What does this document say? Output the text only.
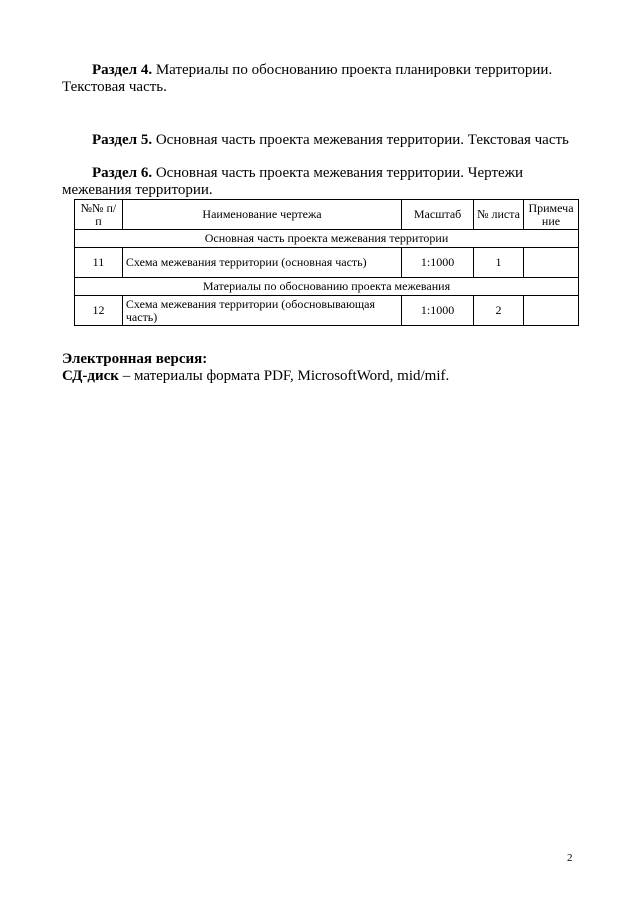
Раздел 4. Материалы по обоснованию проекта планировки территории. Текстовая часть.

Раздел 5. Основная часть проекта межевания территории. Текстовая часть

Раздел 6. Основная часть проекта межевания территории. Чертежи межевания территории.

№№ п/п	Наименование чертежа	Масштаб	№ листа	Примеча ние
Основная часть проекта межевания территории				
11	Схема межевания территории (основная часть)	1:1000	1	
Материалы по обоснованию проекта межевания				
12	Схема межевания территории (обосновывающая часть)	1:1000	2	

Электронная версия:

СД-диск – материалы формата PDF, MicrosoftWord, mid/mif.

2
